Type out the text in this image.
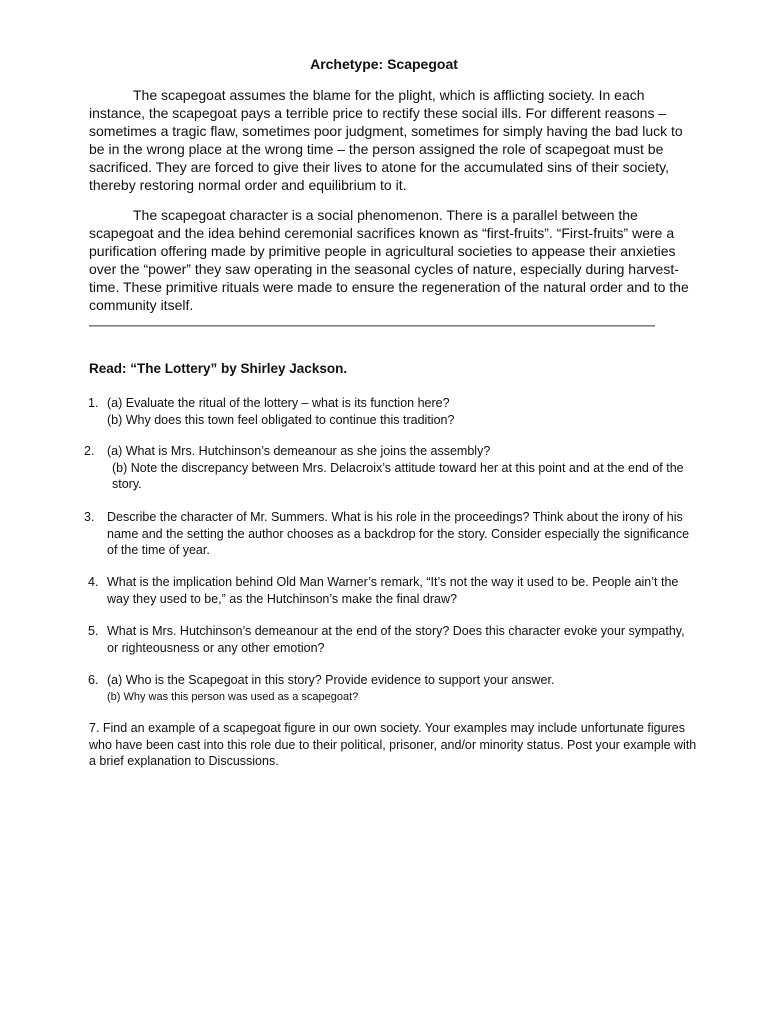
Archetype: Scapegoat

The scapegoat assumes the blame for the plight, which is afflicting society. In each instance, the scapegoat pays a terrible price to rectify these social ills. For different reasons – sometimes a tragic flaw, sometimes poor judgment, sometimes for simply having the bad luck to be in the wrong place at the wrong time – the person assigned the role of scapegoat must be sacrificed. They are forced to give their lives to atone for the accumulated sins of their society, thereby restoring normal order and equilibrium to it.

The scapegoat character is a social phenomenon. There is a parallel between the scapegoat and the idea behind ceremonial sacrifices known as “first-fruits”. “First-fruits” were a purification offering made by primitive people in agricultural societies to appease their anxieties over the “power” they saw operating in the seasonal cycles of nature, especially during harvest-time. These primitive rituals were made to ensure the regeneration of the natural order and to the community itself.

Read: “The Lottery” by Shirley Jackson.
1. (a) Evaluate the ritual of the lottery – what is its function here?
(b) Why does this town feel obligated to continue this tradition?
2. (a) What is Mrs. Hutchinson’s demeanour as she joins the assembly?
(b) Note the discrepancy between Mrs. Delacroix’s attitude toward her at this point and at the end of the story.
3. Describe the character of Mr. Summers. What is his role in the proceedings? Think about the irony of his name and the setting the author chooses as a backdrop for the story. Consider especially the significance of the time of year.
4. What is the implication behind Old Man Warner’s remark, “It’s not the way it used to be. People ain’t the way they used to be,” as the Hutchinson’s make the final draw?
5. What is Mrs. Hutchinson’s demeanour at the end of the story? Does this character evoke your sympathy, or righteousness or any other emotion?
6. (a) Who is the Scapegoat in this story? Provide evidence to support your answer.
(b) Why was this person was used as a scapegoat?

7. Find an example of a scapegoat figure in our own society. Your examples may include unfortunate figures who have been cast into this role due to their political, prisoner, and/or minority status. Post your example with a brief explanation to Discussions.
